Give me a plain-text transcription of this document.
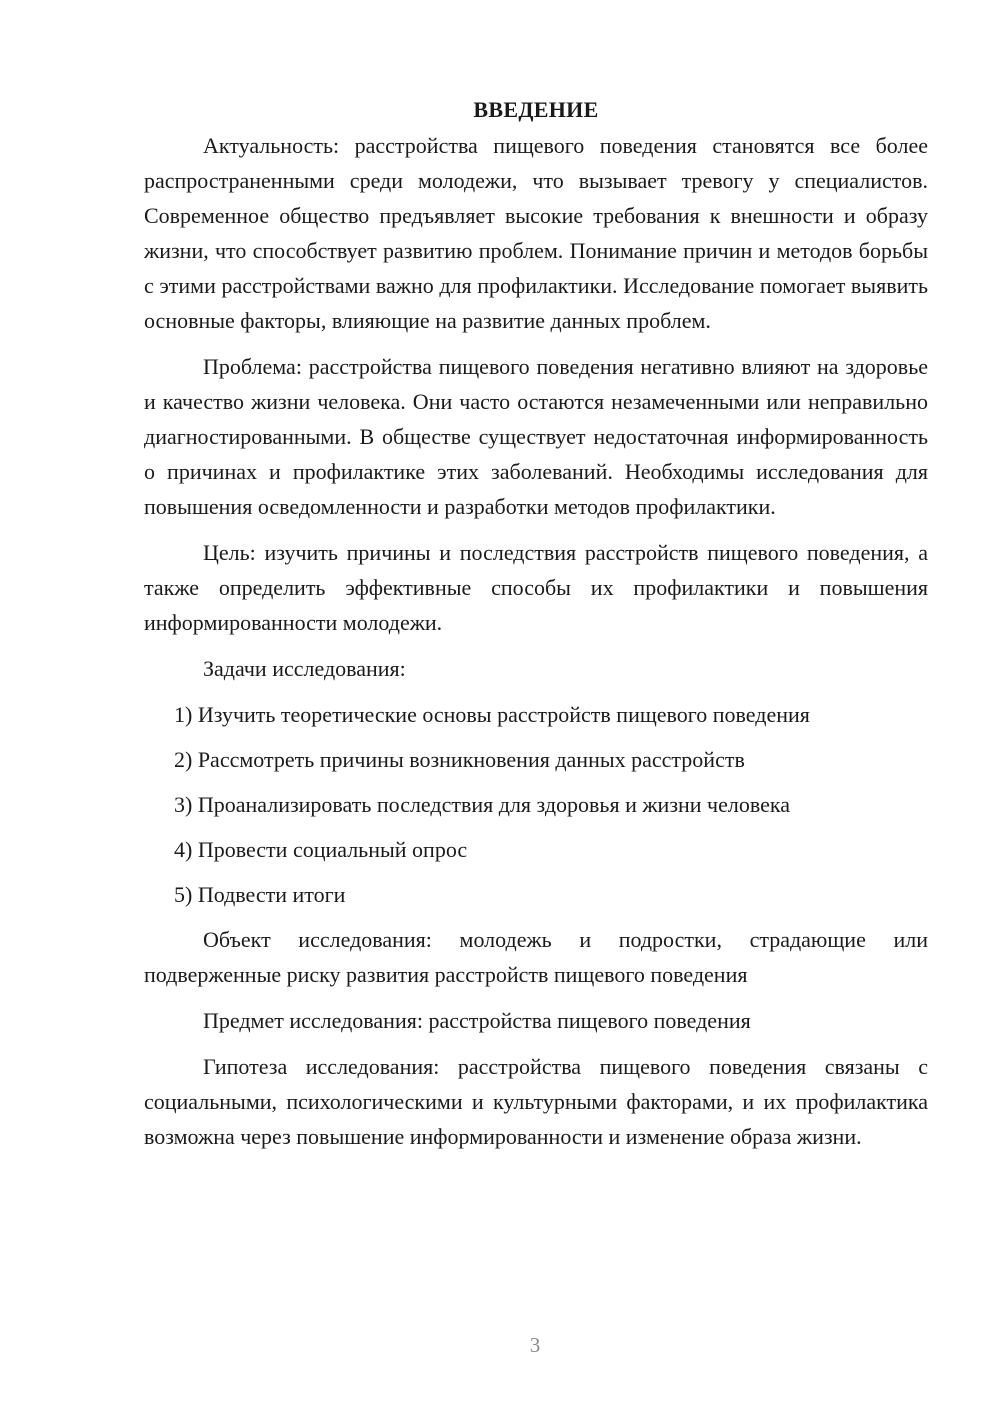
ВВЕДЕНИЕ

Актуальность: расстройства пищевого поведения становятся все более распространенными среди молодежи, что вызывает тревогу у специалистов. Современное общество предъявляет высокие требования к внешности и образу жизни, что способствует развитию проблем. Понимание причин и методов борьбы с этими расстройствами важно для профилактики. Исследование помогает выявить основные факторы, влияющие на развитие данных проблем.

Проблема: расстройства пищевого поведения негативно влияют на здоровье и качество жизни человека. Они часто остаются незамеченными или неправильно диагностированными. В обществе существует недостаточная информированность о причинах и профилактике этих заболеваний. Необходимы исследования для повышения осведомленности и разработки методов профилактики.

Цель: изучить причины и последствия расстройств пищевого поведения, а также определить эффективные способы их профилактики и повышения информированности молодежи.

Задачи исследования:

1) Изучить теоретические основы расстройств пищевого поведения
2) Рассмотреть причины возникновения данных расстройств
3) Проанализировать последствия для здоровья и жизни человека
4) Провести социальный опрос
5) Подвести итоги

Объект исследования: молодежь и подростки, страдающие или подверженные риску развития расстройств пищевого поведения

Предмет исследования: расстройства пищевого поведения

Гипотеза исследования: расстройства пищевого поведения связаны с социальными, психологическими и культурными факторами, и их профилактика возможна через повышение информированности и изменение образа жизни.

3
